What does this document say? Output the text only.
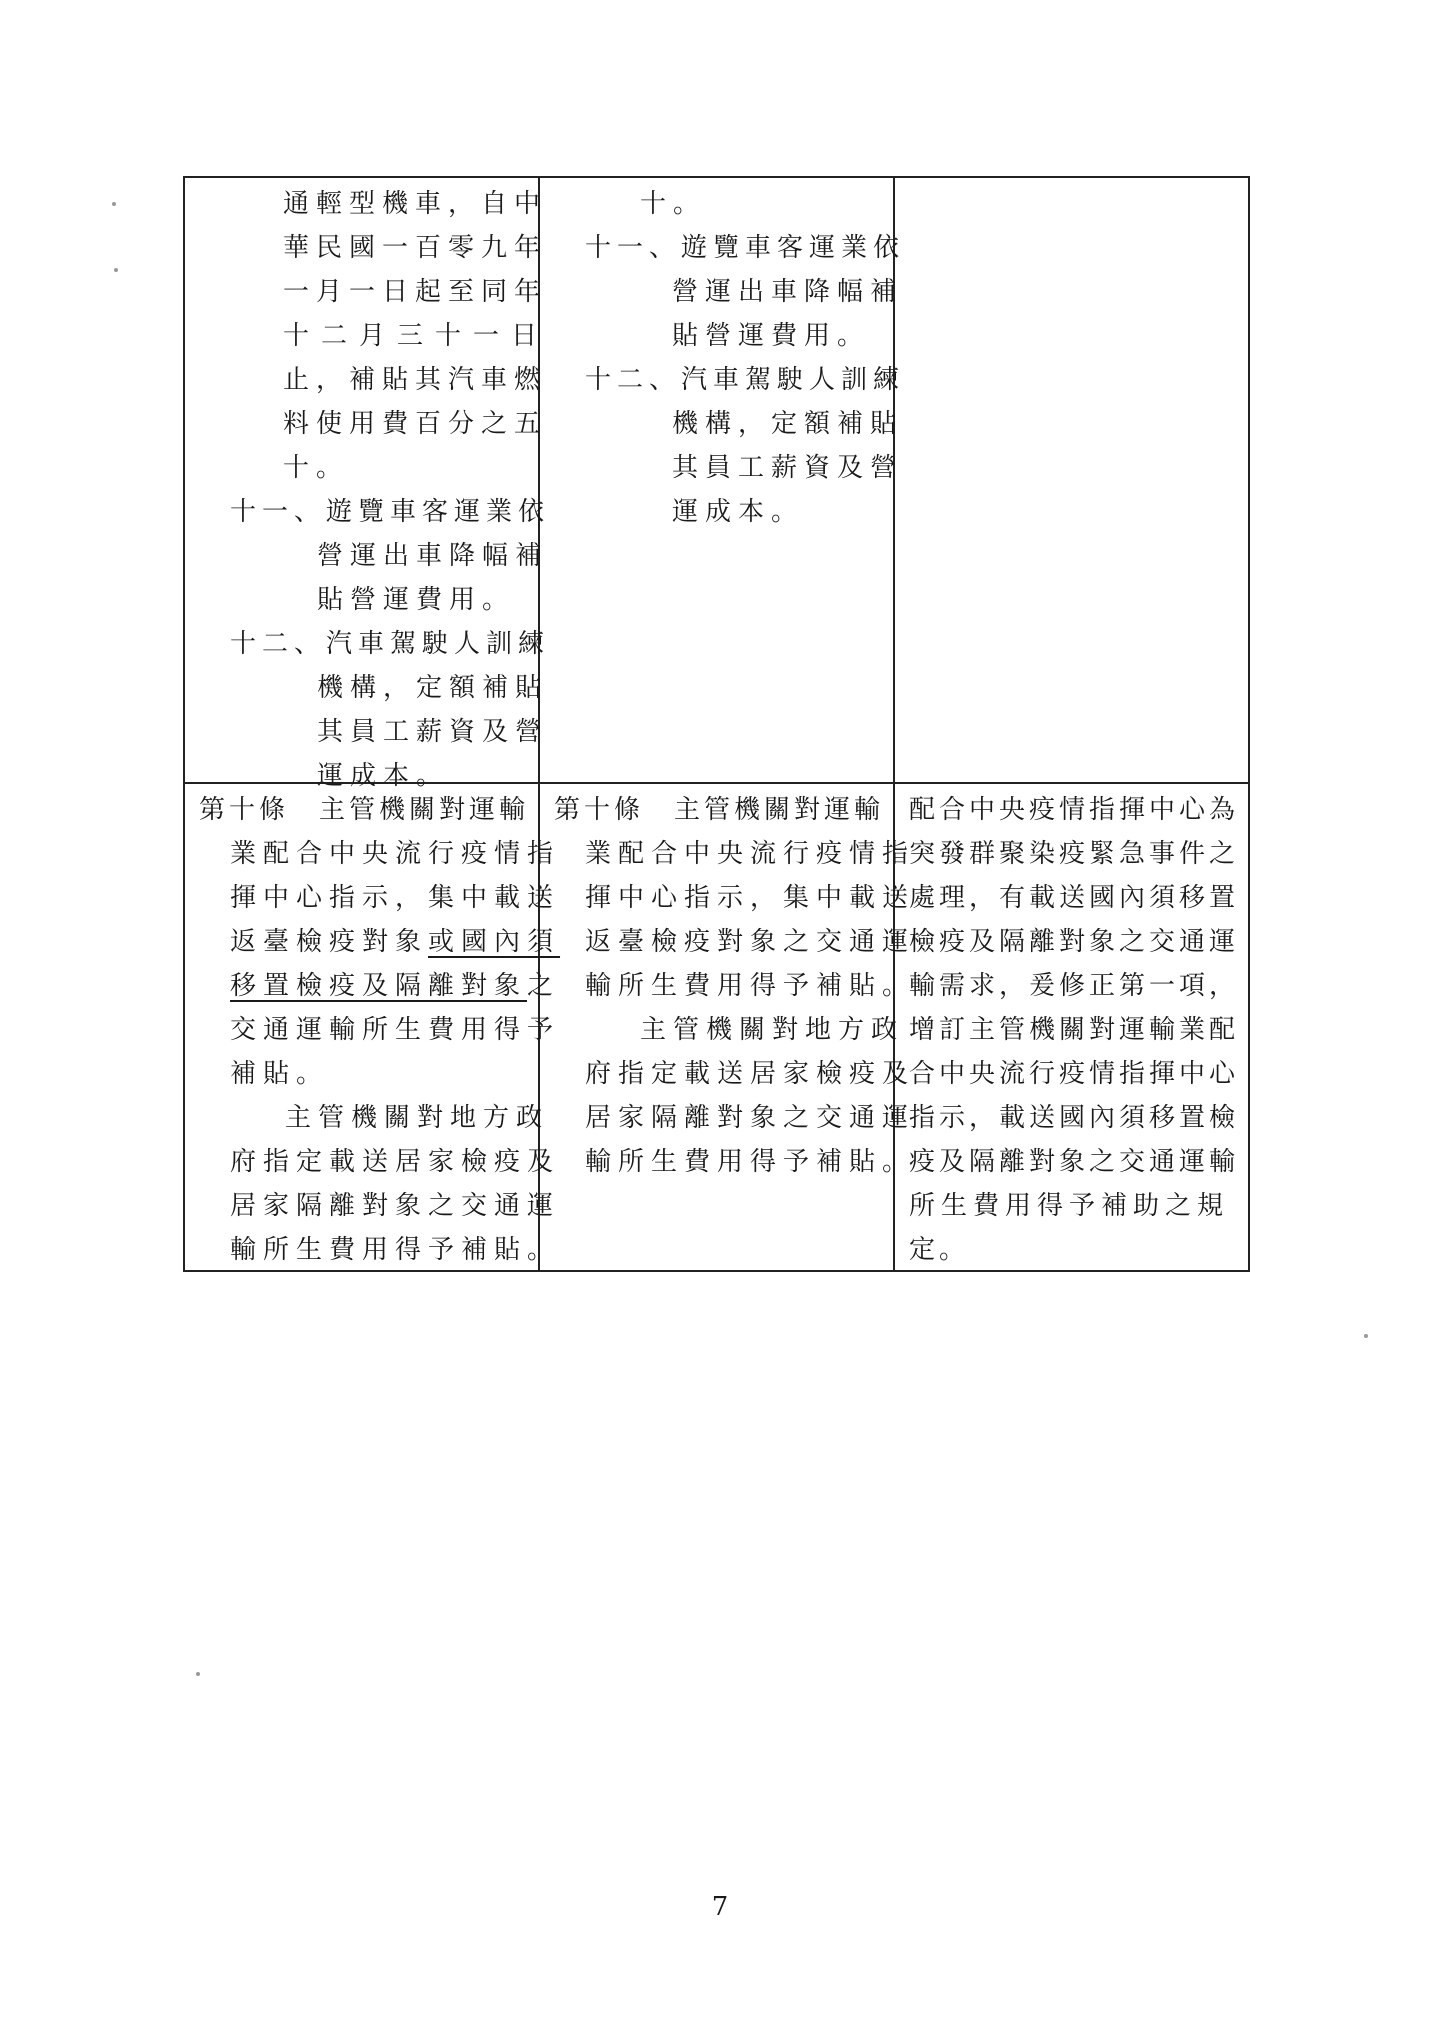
通輕型機車，自中
華民國一百零九年
一月一日起至同年
十二月三十一日
止，補貼其汽車燃
料使用費百分之五
十。
十一、遊覽車客運業依
營運出車降幅補
貼營運費用。
十二、汽車駕駛人訓練
機構，定額補貼
其員工薪資及營
運成本。
十。
十一、遊覽車客運業依
營運出車降幅補
貼營運費用。
十二、汽車駕駛人訓練
機構，定額補貼
其員工薪資及營
運成本。
第十條　主管機關對運輸
業配合中央流行疫情指
揮中心指示，集中載送
返臺檢疫對象或國內須
移置檢疫及隔離對象之
交通運輸所生費用得予
補貼。
主管機關對地方政
府指定載送居家檢疫及
居家隔離對象之交通運
輸所生費用得予補貼。
第十條　主管機關對運輸
業配合中央流行疫情指
揮中心指示，集中載送
返臺檢疫對象之交通運
輸所生費用得予補貼。
主管機關對地方政
府指定載送居家檢疫及
居家隔離對象之交通運
輸所生費用得予補貼。
配合中央疫情指揮中心為
突發群聚染疫緊急事件之
處理，有載送國內須移置
檢疫及隔離對象之交通運
輸需求，爰修正第一項，
增訂主管機關對運輸業配
合中央流行疫情指揮中心
指示，載送國內須移置檢
疫及隔離對象之交通運輸
所生費用得予補助之規
定。
7
